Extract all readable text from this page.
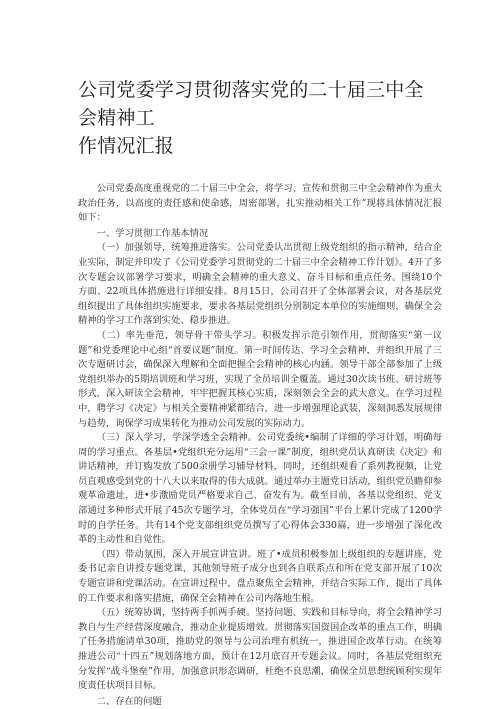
公司党委学习贯彻落实党的二十届三中全会精神工
作情况汇报

公司党委高度重视党的二十届三中全会，将学习、宣传和贯彻三中全会精神作为重大政治任务，以高度的责任感和使命感，周密部署，扎实推动相关工作”现将具体情况汇报如下：

一、学习贯彻工作基本情况

（一）加强领导，统筹推进落实。公司党委认出贯彻上级党组织的指示精神，结合企业实际，制定并印发了《公司党委学习贯彻党的二十届三中全会精神工作计划》。4开了多次专题会议部署学习要求，明确全会精神的重大意义、奋斗目标和重点任务。围绕10个方面、22项具体措施进行详细安排。8月15日，公司召开了全体部署会议，对各基层党组织提出了具体组织实施要求，要求各基层党组织分别制定本单位的实施细则，确保全会精神的学习工作落到实处、稳步推进。

（二）率先垂范，领导骨干带头学习。积极发挥示范引领作用，贯彻落实“第一议题”和党委理论中心组“首要议题”制度。第一时间传达、学习全会精神，并组织开展了三次专题研讨会，确保深入理解和全面把握全会精神的核心内涵。领导干部全部参加了上级党组织举办的5期培训班和学习班，实现了全员培训全覆盖。通过30次读书班、研讨班等形式，深入研读全会精神，牢牢把握其核心实质，深刻领会全会的武大意义。在学习过程中，聘学习《决定》与相关全要精神紧都结合，进一步增强理论武装，深刻洞悉发展规律与趋势，询保学习成果转化为推动公司发展的实际动力。

（三）深入学习，学深学透全会精神。公司党委统•编制了详细的学习计划，明确每周的学习重点。各基层•党组织充分运用“三会一课”制度，组织党员认真研读《决定》和讲话精神，并订购发放了500余册学习辅导材料，同时，还组织观看了系列教视频，让党员直观感受到党的十八大以来取得的伟大成就。通过举办主题党日活动，组织党员瞻仰参观革命遗址，进•步激励党员严格要求自己、奋发有为。截至目前，各基以党组织、党支部通过多种形式开展了45次专题学习，全体党员在“学习强国”平台上累计完成了1200学时的自学任务。共有14个党支部组织党员撰写了心得体会330篇，进一步增强了深化改革的主动性和自觉性。

（四）带动氛围，深入开展宣讲宣讲。班了•成员积极参加上级组织的专题讲座，党委书记亲自讲授专题党课，其他领导班子成分也到各自联系点和所在党支部开展了10次专题宣讲和党课活动。在宣讲过程中，盘点聚焦全会精神，并结合实际工作，提出了具体的工作要求和落实措施，确保全会精神在公司内落地生根。

（五）统筹协调，坚持两手抓两手硬。坚持问题、实践和目标导向，将全会精神学习教自与生产经营深度融合，推动企业提质增效。贯彻落实国资国企改革的重点工作，明确了任务措施清单30项，推助党的领导与公司治理有机统一，推进国企改革行动。在统筹推进公司“十四五”规划落地方面，预计在12月底召开专题会议。同时，各基层党组织充分发挥“战斗堡垒”作用，加强意识形态调研，杜绝不良思潮，确保全员思想统顾利实现年度责任状项目目标。

二、存在的问题
